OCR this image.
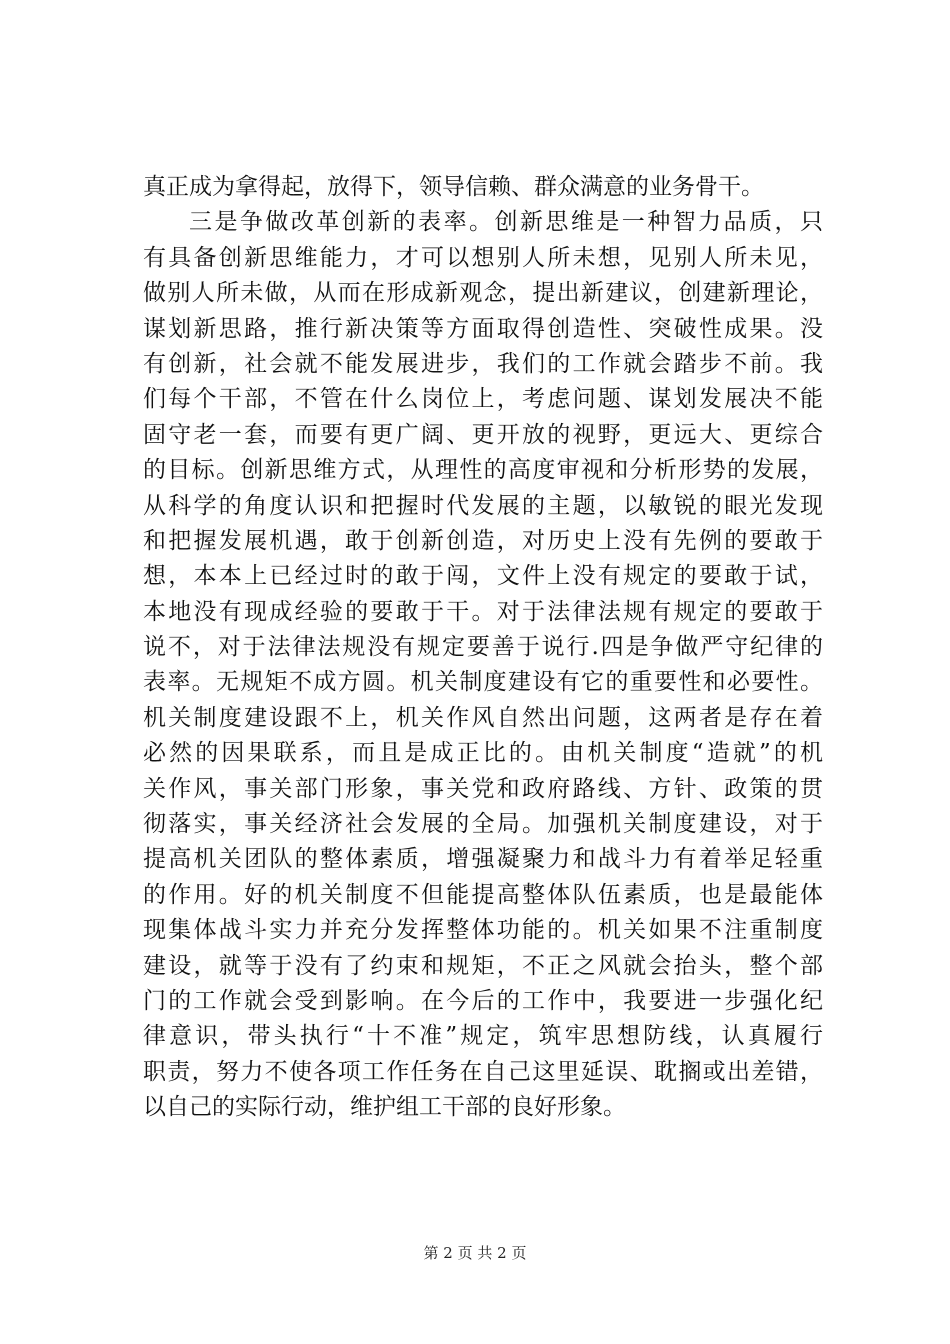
真正成为拿得起，放得下，领导信赖、群众满意的业务骨干。
三是争做改革创新的表率。创新思维是一种智力品质，只
有具备创新思维能力，才可以想别人所未想，见别人所未见，
做别人所未做，从而在形成新观念，提出新建议，创建新理论，
谋划新思路，推行新决策等方面取得创造性、突破性成果。没
有创新，社会就不能发展进步，我们的工作就会踏步不前。我
们每个干部，不管在什么岗位上，考虑问题、谋划发展决不能
固守老一套，而要有更广阔、更开放的视野，更远大、更综合
的目标。创新思维方式，从理性的高度审视和分析形势的发展，
从科学的角度认识和把握时代发展的主题，以敏锐的眼光发现
和把握发展机遇，敢于创新创造，对历史上没有先例的要敢于
想，本本上已经过时的敢于闯，文件上没有规定的要敢于试，
本地没有现成经验的要敢于干。对于法律法规有规定的要敢于
说不，对于法律法规没有规定要善于说行.四是争做严守纪律的
表率。无规矩不成方圆。机关制度建设有它的重要性和必要性。
机关制度建设跟不上，机关作风自然出问题，这两者是存在着
必然的因果联系，而且是成正比的。由机关制度“造就”的机
关作风，事关部门形象，事关党和政府路线、方针、政策的贯
彻落实，事关经济社会发展的全局。加强机关制度建设，对于
提高机关团队的整体素质，增强凝聚力和战斗力有着举足轻重
的作用。好的机关制度不但能提高整体队伍素质，也是最能体
现集体战斗实力并充分发挥整体功能的。机关如果不注重制度
建设，就等于没有了约束和规矩，不正之风就会抬头，整个部
门的工作就会受到影响。在今后的工作中，我要进一步强化纪
律意识，带头执行“十不准”规定，筑牢思想防线，认真履行
职责，努力不使各项工作任务在自己这里延误、耽搁或出差错，
以自己的实际行动，维护组工干部的良好形象。
第 2 页 共 2 页
